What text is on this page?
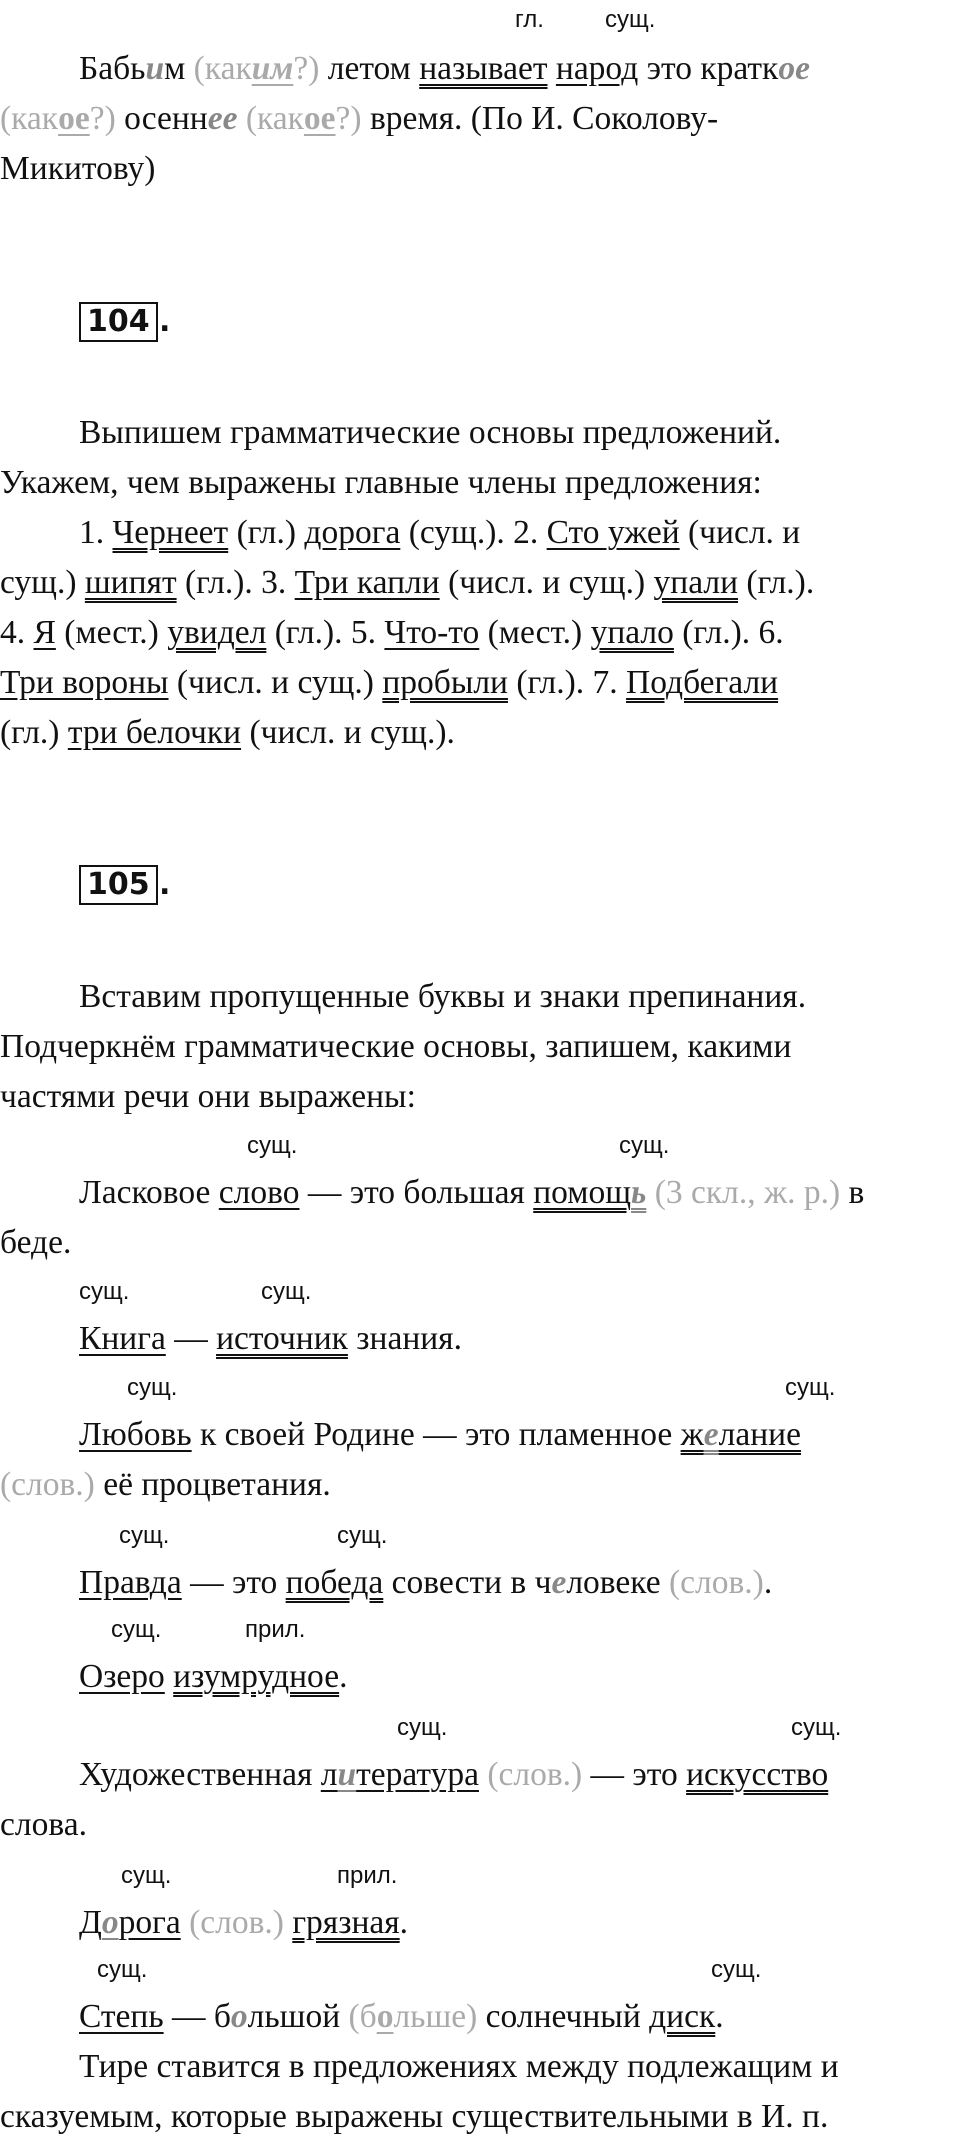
гл.	сущ.
Бабьим (каким?) летом называет народ это краткое
(какое?) осеннее (какое?) время. (По И. Соколову-
Микитову)
104 .
Выпишем грамматические основы предложений.
Укажем, чем выражены главные члены предложения:
1. Чернеет (гл.) дорога (сущ.). 2. Сто ужей (числ. и
сущ.) шипят (гл.). 3. Три капли (числ. и сущ.) упали (гл.).
4. Я (мест.) увидел (гл.). 5. Что-то (мест.) упало (гл.). 6.
Три вороны (числ. и сущ.) пробыли (гл.). 7. Подбегали
(гл.) три белочки (числ. и сущ.).
105 .
Вставим пропущенные буквы и знаки препинания.
Подчеркнём грамматические основы, запишем, какими
частями речи они выражены:
сущ.	сущ.
Ласковое слово — это большая помощь (3 скл., ж. р.) в
беде.
сущ.	сущ.
Книга — источник знания.
сущ.	сущ.
Любовь к своей Родине — это пламенное желание
(слов.) её процветания.
сущ.	сущ.
Правда — это победа совести в человеке (слов.).
сущ.	прил.
Озеро изумрудное.
сущ.	сущ.
Художественная литература (слов.) — это искусство
слова.
сущ.	прил.
Дорога (слов.) грязная.
сущ.	сущ.
Степь — большой (больше) солнечный диск.
Тире ставится в предложениях между подлежащим и
сказуемым, которые выражены существительными в И. п.
